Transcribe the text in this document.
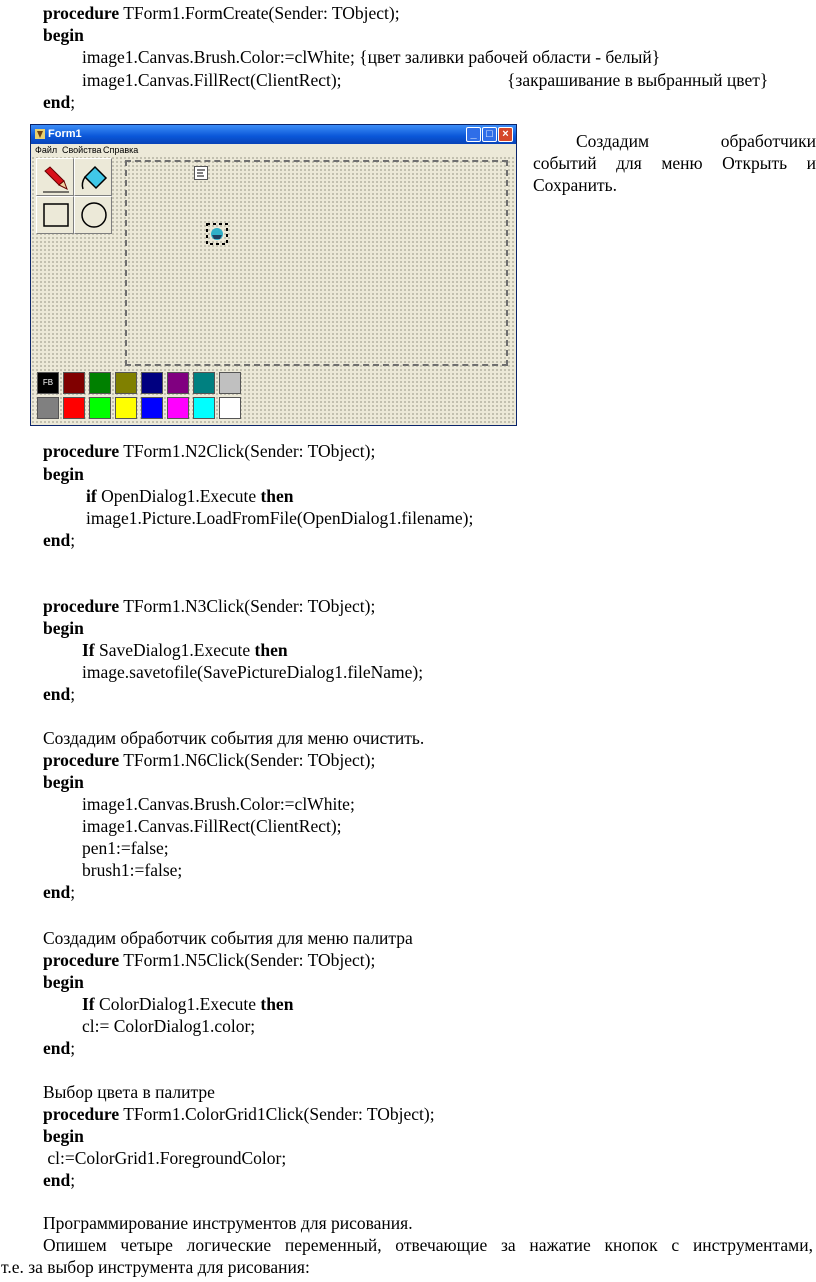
procedure TForm1.FormCreate(Sender: TObject);
begin
image1.Canvas.Brush.Color:=clWhite; {цвет заливки рабочей области - белый}
image1.Canvas.FillRect(ClientRect);	{закрашивание в выбранный цвет}
end;
Form1	_ □ ×
Файл Свойства Справка
FB
Создадим	обработчики
событий для меню Открыть и
Сохранить.
procedure TForm1.N2Click(Sender: TObject);
begin
if OpenDialog1.Execute then
image1.Picture.LoadFromFile(OpenDialog1.filename);
end;
procedure TForm1.N3Click(Sender: TObject);
begin
If SaveDialog1.Execute then
image.savetofile(SavePictureDialog1.fileName);
end;
Создадим обработчик события для меню очистить.
procedure TForm1.N6Click(Sender: TObject);
begin
image1.Canvas.Brush.Color:=clWhite;
image1.Canvas.FillRect(ClientRect);
pen1:=false;
brush1:=false;
end;
Создадим обработчик события для меню палитра
procedure TForm1.N5Click(Sender: TObject);
begin
If ColorDialog1.Execute then
cl:= ColorDialog1.color;
end;
Выбор цвета в палитре
procedure TForm1.ColorGrid1Click(Sender: TObject);
begin
cl:=ColorGrid1.ForegroundColor;
end;
Программирование инструментов для рисования.
Опишем четыре логические переменный, отвечающие за нажатие кнопок с инструментами,
т.е. за выбор инструмента для рисования:
